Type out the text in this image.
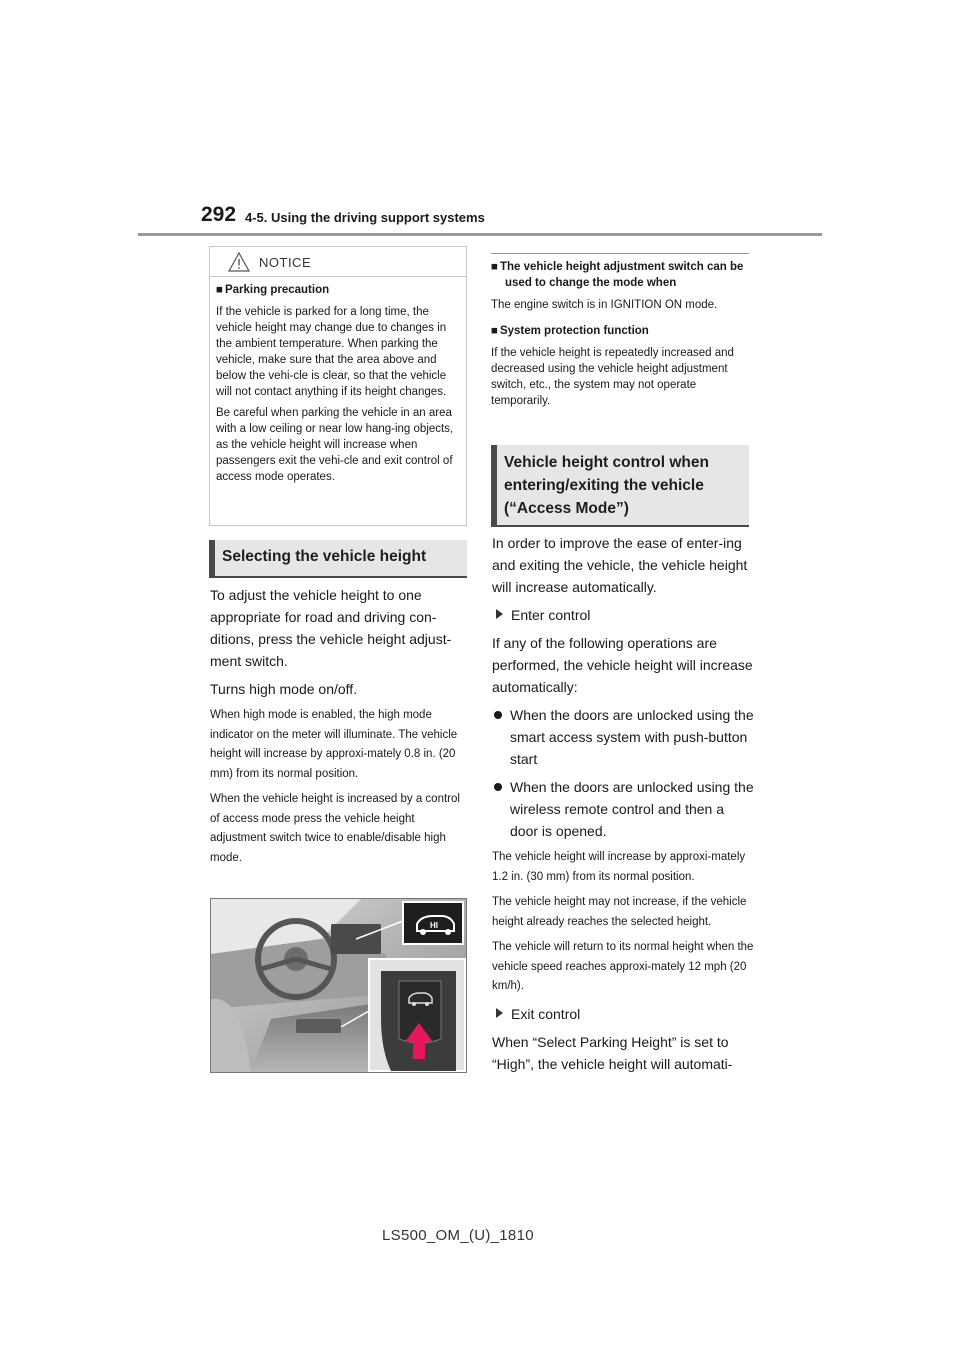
292 4-5. Using the driving support systems
NOTICE

■ Parking precaution

If the vehicle is parked for a long time, the vehicle height may change due to changes in the ambient temperature. When parking the vehicle, make sure that the area above and below the vehi-cle is clear, so that the vehicle will not contact anything if its height changes.

Be careful when parking the vehicle in an area with a low ceiling or near low hang-ing objects, as the vehicle height will increase when passengers exit the vehi-cle and exit control of access mode operates.

Selecting the vehicle height

To adjust the vehicle height to one appropriate for road and driving con-ditions, press the vehicle height adjust-ment switch.

Turns high mode on/off.

When high mode is enabled, the high mode indicator on the meter will illuminate. The vehicle height will increase by approxi-mately 0.8 in. (20 mm) from its normal position.

When the vehicle height is increased by a control of access mode press the vehicle height adjustment switch twice to enable/disable high mode.

HI

■ The vehicle height adjustment switch can be used to change the mode when

The engine switch is in IGNITION ON mode.

■ System protection function

If the vehicle height is repeatedly increased and decreased using the vehicle height adjustment switch, etc., the system may not operate temporarily.

Vehicle height control when entering/exiting the vehicle (“Access Mode”)

In order to improve the ease of enter-ing and exiting the vehicle, the vehicle height will increase automatically.

Enter control

If any of the following operations are performed, the vehicle height will increase automatically:

When the doors are unlocked using the smart access system with push-button start

When the doors are unlocked using the wireless remote control and then a door is opened.

The vehicle height will increase by approxi-mately 1.2 in. (30 mm) from its normal position.

The vehicle height may not increase, if the vehicle height already reaches the selected height.

The vehicle will return to its normal height when the vehicle speed reaches approxi-mately 12 mph (20 km/h).

Exit control

When “Select Parking Height” is set to “High”, the vehicle height will automati-

LS500_OM_(U)_1810
